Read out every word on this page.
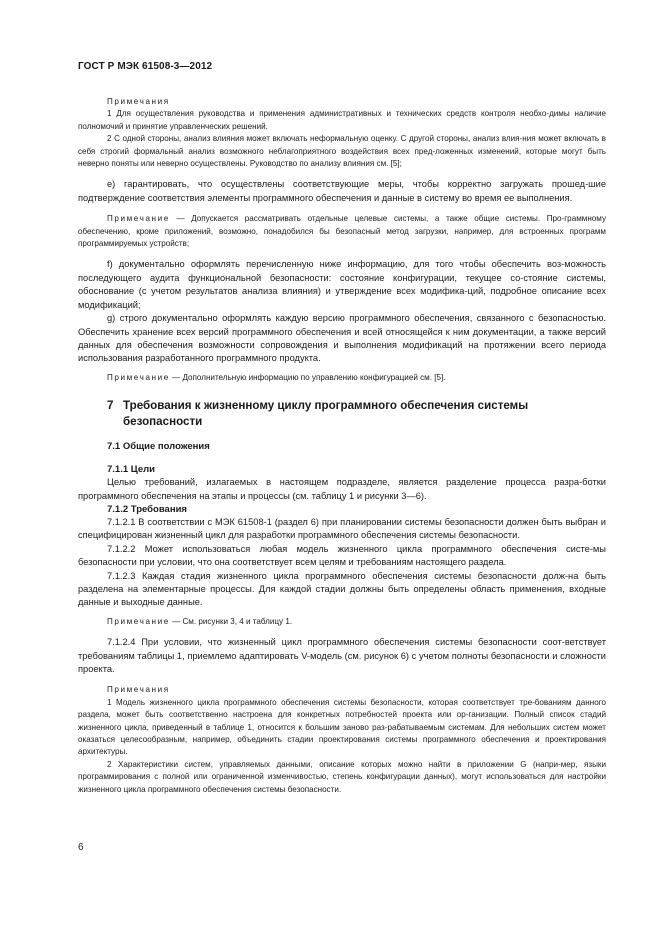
ГОСТ Р МЭК 61508-3—2012
Примечания
1 Для осуществления руководства и применения административных и технических средств контроля необхо-димы наличие полномочий и принятие управленческих решений.
2 С одной стороны, анализ влияния может включать неформальную оценку. С другой стороны, анализ влия-ния может включать в себя строгий формальный анализ возможного неблагоприятного воздействия всех пред-ложенных изменений, которые могут быть неверно поняты или неверно осуществлены. Руководство по анализу влияния см. [5];

e) гарантировать, что осуществлены соответствующие меры, чтобы корректно загружать прошед-шие подтверждение соответствия элементы программного обеспечения и данные в систему во время ее выполнения.

Примечание — Допускается рассматривать отдельные целевые системы, а также общие системы. Про-граммному обеспечению, кроме приложений, возможно, понадобился бы безопасный метод загрузки, например, для встроенных программ программируемых устройств;

f) документально оформлять перечисленную ниже информацию, для того чтобы обеспечить воз-можность последующего аудита функциональной безопасности: состояние конфигурации, текущее со-стояние системы, обоснование (с учетом результатов анализа влияния) и утверждение всех модифика-ций, подробное описание всех модификаций;

g) строго документально оформлять каждую версию программного обеспечения, связанного с безопасностью. Обеспечить хранение всех версий программного обеспечения и всей относящейся к ним документации, а также версий данных для обеспечения возможности сопровождения и выполнения модификаций на протяжении всего периода использования разработанного программного продукта.

Примечание — Дополнительную информацию по управлению конфигурацией см. [5].
7 Требования к жизненному циклу программного обеспечения системы безопасности
7.1 Общие положения
7.1.1 Цели

Целью требований, излагаемых в настоящем подразделе, является разделение процесса разра-ботки программного обеспечения на этапы и процессы (см. таблицу 1 и рисунки 3—6).

7.1.2 Требования

7.1.2.1 В соответствии с МЭК 61508-1 (раздел 6) при планировании системы безопасности должен быть выбран и специфицирован жизненный цикл для разработки программного обеспечения системы безопасности.

7.1.2.2 Может использоваться любая модель жизненного цикла программного обеспечения систе-мы безопасности при условии, что она соответствует всем целям и требованиям настоящего раздела.

7.1.2.3 Каждая стадия жизненного цикла программного обеспечения системы безопасности долж-на быть разделена на элементарные процессы. Для каждой стадии должны быть определены область применения, входные данные и выходные данные.

Примечание — См. рисунки 3, 4 и таблицу 1.

7.1.2.4 При условии, что жизненный цикл программного обеспечения системы безопасности соот-ветствует требованиям таблицы 1, приемлемо адаптировать V-модель (см. рисунок 6) с учетом полноты безопасности и сложности проекта.

Примечания
1 Модель жизненного цикла программного обеспечения системы безопасности, которая соответствует тре-бованиям данного раздела, может быть соответственно настроена для конкретных потребностей проекта или ор-ганизации. Полный список стадий жизненного цикла, приведенный в таблице 1, относится к большим заново раз-рабатываемым системам. Для небольших систем может оказаться целесообразным, например, объединить стадии проектирования системы программного обеспечения и проектирования архитектуры.
2 Характеристики систем, управляемых данными, описание которых можно найти в приложении G (напри-мер, языки программирования с полной или ограниченной изменчивостью, степень конфигурации данных), могут использоваться для настройки жизненного цикла программного обеспечения системы безопасности.
6
